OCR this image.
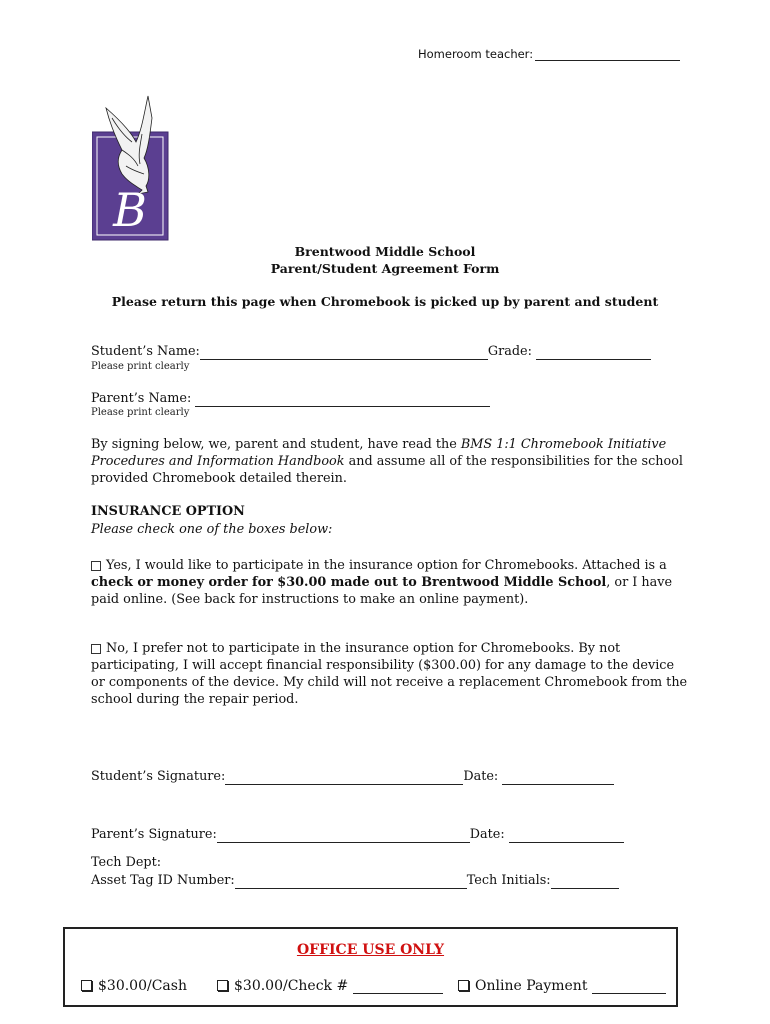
Homeroom teacher:
B
Brentwood Middle School
Parent/Student Agreement Form
Please return this page when Chromebook is picked up by parent and student
Student’s Name:	Grade:
Please print clearly
Parent’s Name:
Please print clearly
By signing below, we, parent and student, have read the BMS 1:1 Chromebook Initiative Procedures and Information Handbook and assume all of the responsibilities for the school provided Chromebook detailed therein.
INSURANCE OPTION
Please check one of the boxes below:
Yes, I would like to participate in the insurance option for Chromebooks. Attached is a check or money order for $30.00 made out to Brentwood Middle School, or I have paid online. (See back for instructions to make an online payment).
No, I prefer not to participate in the insurance option for Chromebooks. By not participating, I will accept financial responsibility ($300.00) for any damage to the device or components of the device. My child will not receive a replacement Chromebook from the school during the repair period.
Student’s Signature:	Date:
Parent’s Signature:	Date:
Tech Dept:
Asset Tag ID Number:	Tech Initials:
OFFICE USE ONLY
$30.00/Cash	$30.00/Check #	Online Payment
